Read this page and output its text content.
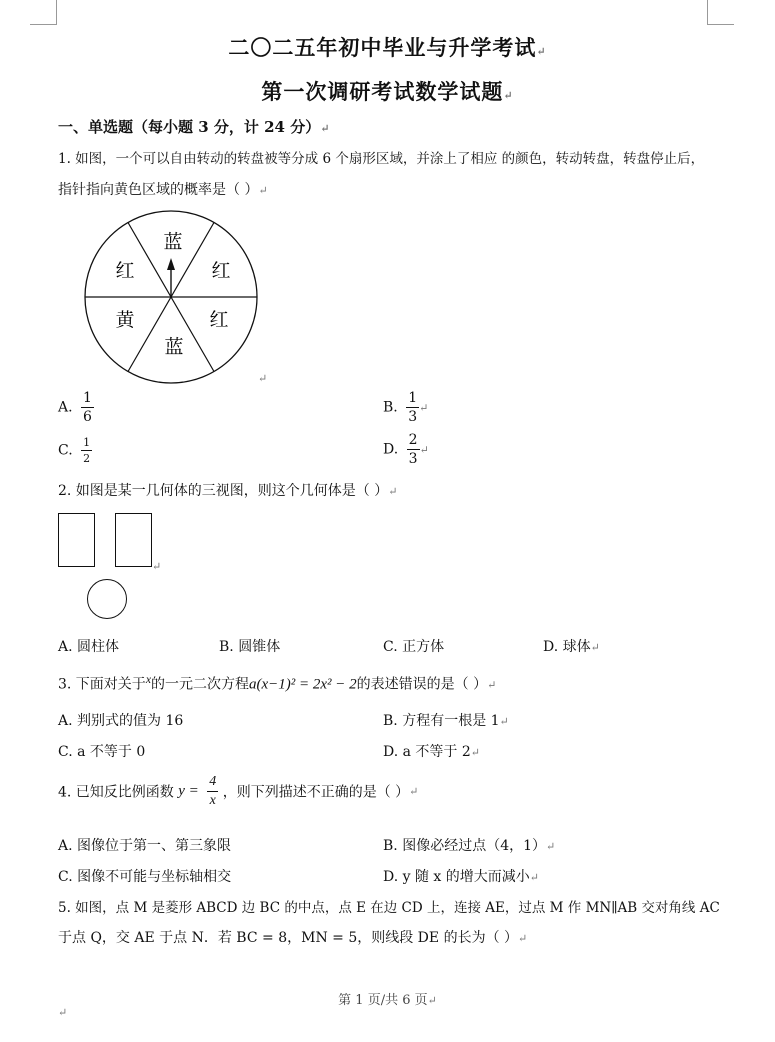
二〇二五年初中毕业与升学考试↵
第一次调研考试数学试题↵
一、单选题（每小题 3 分，计 24 分）↵
1. 如图，一个可以自由转动的转盘被等分成 6 个扇形区域，并涂上了相应 的颜色，转动转盘，转盘停止后，
指针指向黄色区域的概率是（ ）↵
蓝
红
红
红
蓝
黄
↵
A. $\frac{1}{6}$	B. $\frac{1}{3}$ ↵
C. $\frac{1}{2}$	D. $\frac{2}{3}$ ↵
2. 如图是某一几何体的三视图，则这个几何体是（ ）↵
↵
A. 圆柱体	B. 圆锥体	C. 正方体	D. 球体↵
3. 下面对关于$^x$的一元二次方程a(x−1)² = 2x² − 2的表述错误的是（ ）↵
A. 判别式的值为 16	B. 方程有一根是 1↵
C. a 不等于 0	D. a 不等于 2↵
4. 已知反比例函数 $y = \frac{4}{x}$ ，则下列描述不正确的是（ ）↵
A. 图像位于第一、第三象限	B. 图像必经过点（4，1）↵
C. 图像不可能与坐标轴相交	D. y 随 x 的增大而减小↵
5. 如图，点 M 是菱形 ABCD 边 BC 的中点，点 E 在边 CD 上，连接 AE，过点 M 作 MN∥AB 交对角线 AC
于点 Q，交 AE 于点 N．若 BC = 8，MN = 5，则线段 DE 的长为（ ）↵
第 1 页/共 6 页↵
↵
